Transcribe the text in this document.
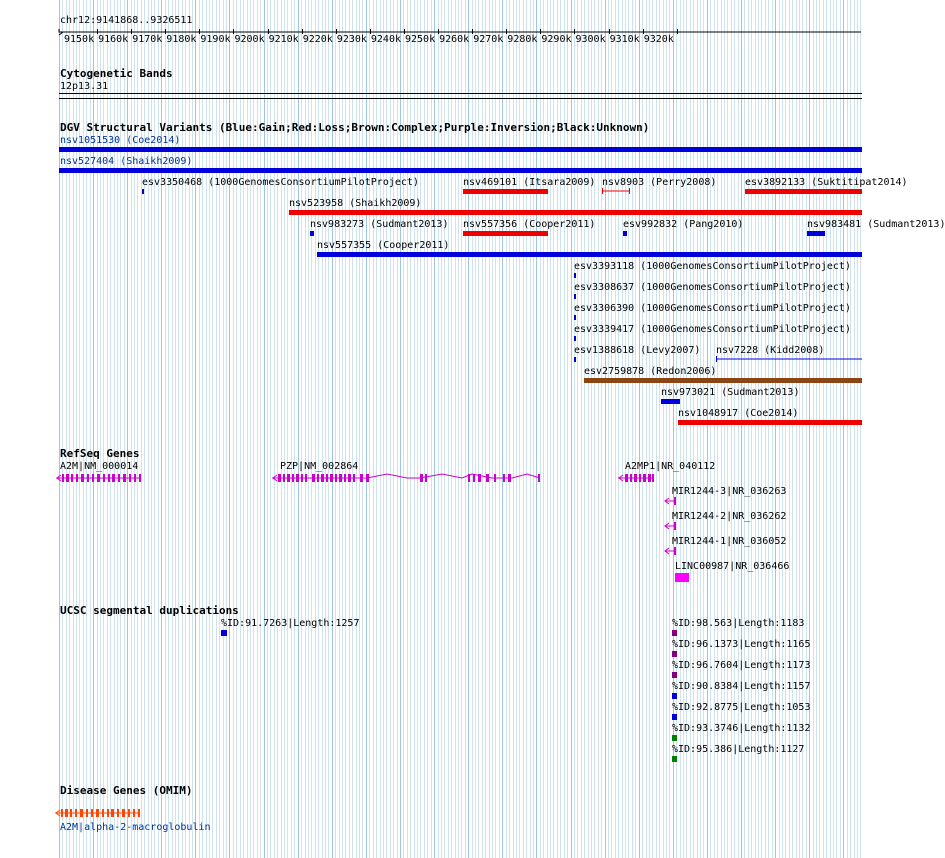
chr12:9141868..9326511
9150k 9160k 9170k 9180k 9190k 9200k 9210k 9220k 9230k 9240k 9250k 9260k 9270k 9280k 9290k 9300k 9310k 9320k
Cytogenetic Bands
12p13.31
DGV Structural Variants (Blue:Gain;Red:Loss;Brown:Complex;Purple:Inversion;Black:Unknown)
nsv1051530 (Coe2014)
nsv527404 (Shaikh2009)
esv3350468 (1000GenomesConsortiumPilotProject)	nsv469101 (Itsara2009) nsv8903 (Perry2008)	esv3892133 (Suktitipat2014)
nsv523958 (Shaikh2009)
nsv983273 (Sudmant2013) nsv557356 (Cooper2011)	esv992832 (Pang2010)	nsv983481 (Sudmant2013)
nsv557355 (Cooper2011)
esv3393118 (1000GenomesConsortiumPilotProject)
esv3308637 (1000GenomesConsortiumPilotProject)
esv3306390 (1000GenomesConsortiumPilotProject)
esv3339417 (1000GenomesConsortiumPilotProject)
esv1388618 (Levy2007) nsv7228 (Kidd2008)
esv2759878 (Redon2006)
nsv973021 (Sudmant2013)
nsv1048917 (Coe2014)
RefSeq Genes
A2M|NM_000014	PZP|NM_002864	A2MP1|NR_040112
MIR1244-3|NR_036263
MIR1244-2|NR_036262
MIR1244-1|NR_036052
LINC00987|NR_036466
UCSC segmental duplications
%ID:91.7263|Length:1257	%ID:98.563|Length:1183
%ID:96.1373|Length:1165
%ID:96.7604|Length:1173
%ID:90.8384|Length:1157
%ID:92.8775|Length:1053
%ID:93.3746|Length:1132
%ID:95.386|Length:1127
Disease Genes (OMIM)
A2M|alpha-2-macroglobulin
